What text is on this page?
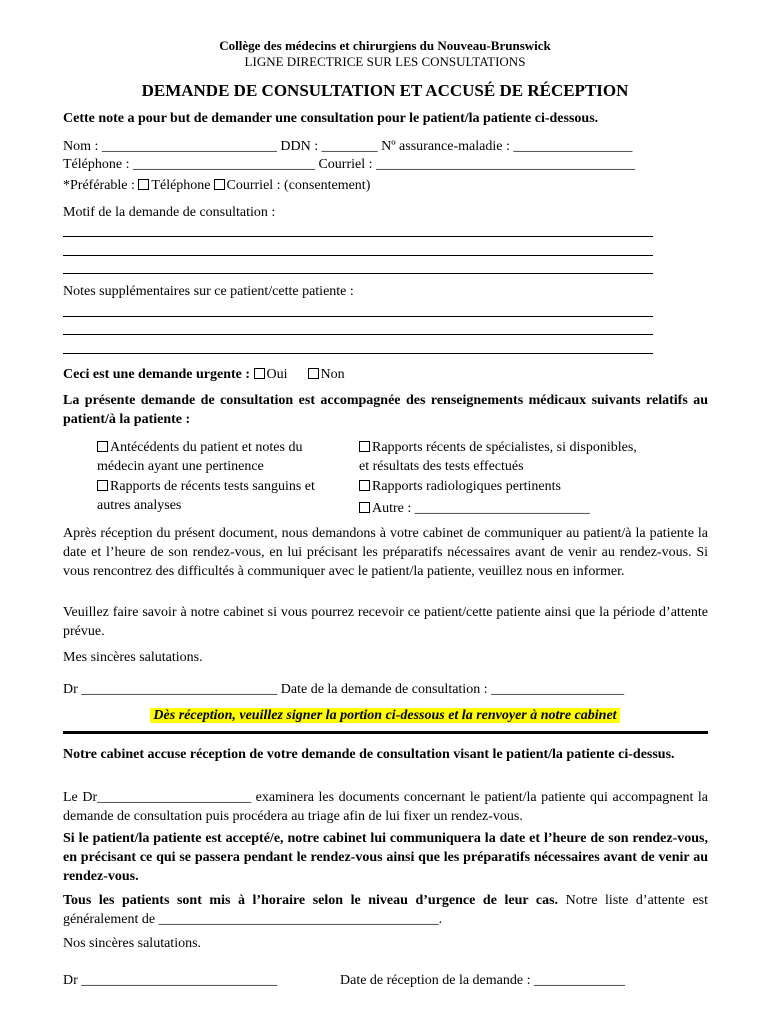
Collège des médecins et chirurgiens du Nouveau-Brunswick
LIGNE DIRECTRICE SUR LES CONSULTATIONS
DEMANDE DE CONSULTATION ET ACCUSÉ DE RÉCEPTION
Cette note a pour but de demander une consultation pour le patient/la patiente ci-dessous.
Nom : _________________________ DDN : ________ Nº assurance-maladie : _________________
Téléphone : __________________________ Courriel : _____________________________________
*Préférable : Téléphone Courriel : (consentement)
Motif de la demande de consultation :
Notes supplémentaires sur ce patient/cette patiente :
Ceci est une demande urgente : Oui Non
La présente demande de consultation est accompagnée des renseignements médicaux suivants relatifs au patient/à la patiente :
Antécédents du patient et notes du médecin ayant une pertinence
Rapports de récents tests sanguins et autres analyses
Rapports récents de spécialistes, si disponibles, et résultats des tests effectués
Rapports radiologiques pertinents
Autre : _________________________
Après réception du présent document, nous demandons à votre cabinet de communiquer au patient/à la patiente la date et l’heure de son rendez-vous, en lui précisant les préparatifs nécessaires avant de venir au rendez-vous. Si vous rencontrez des difficultés à communiquer avec le patient/la patiente, veuillez nous en informer.
Veuillez faire savoir à notre cabinet si vous pourrez recevoir ce patient/cette patiente ainsi que la période d’attente prévue.
Mes sincères salutations.
Dr ____________________________ Date de la demande de consultation : ___________________
Dès réception, veuillez signer la portion ci-dessous et la renvoyer à notre cabinet
Notre cabinet accuse réception de votre demande de consultation visant le patient/la patiente ci-dessus.
Le Dr______________________ examinera les documents concernant le patient/la patiente qui accompagnent la demande de consultation puis procédera au triage afin de lui fixer un rendez-vous.
Si le patient/la patiente est accepté/e, notre cabinet lui communiquera la date et l’heure de son rendez-vous, en précisant ce qui se passera pendant le rendez-vous ainsi que les préparatifs nécessaires avant de venir au rendez-vous.
Tous les patients sont mis à l’horaire selon le niveau d’urgence de leur cas. Notre liste d’attente est généralement de ________________________________________.
Nos sincères salutations.
Dr ____________________________	Date de réception de la demande : _____________
